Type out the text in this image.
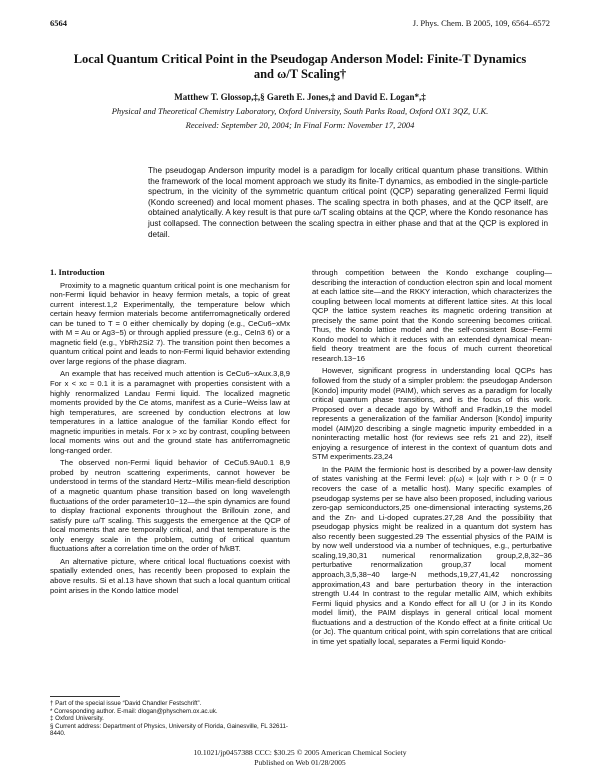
6564	J. Phys. Chem. B 2005, 109, 6564–6572
Local Quantum Critical Point in the Pseudogap Anderson Model: Finite-T Dynamics and ω/T Scaling†
Matthew T. Glossop,‡,§ Gareth E. Jones,‡ and David E. Logan*,‡
Physical and Theoretical Chemistry Laboratory, Oxford University, South Parks Road, Oxford OX1 3QZ, U.K.
Received: September 20, 2004; In Final Form: November 17, 2004
The pseudogap Anderson impurity model is a paradigm for locally critical quantum phase transitions. Within the framework of the local moment approach we study its finite-T dynamics, as embodied in the single-particle spectrum, in the vicinity of the symmetric quantum critical point (QCP) separating generalized Fermi liquid (Kondo screened) and local moment phases. The scaling spectra in both phases, and at the QCP itself, are obtained analytically. A key result is that pure ω/T scaling obtains at the QCP, where the Kondo resonance has just collapsed. The connection between the scaling spectra in either phase and that at the QCP is explored in detail.

1. Introduction

Proximity to a magnetic quantum critical point is one mechanism for non-Fermi liquid behavior in heavy fermion metals, a topic of great current interest.1,2 Experimentally, the temperature below which certain heavy fermion materials become antiferromagnetically ordered can be tuned to T = 0 either chemically by doping (e.g., CeCu6−xMx with M = Au or Ag3−5) or through applied pressure (e.g., CeIn3 6) or a magnetic field (e.g., YbRh2Si2 7). The transition point then becomes a quantum critical point and leads to non-Fermi liquid behavior extending over large regions of the phase diagram.

An example that has received much attention is CeCu6−xAux.3,8,9 For x < xc ≈ 0.1 it is a paramagnet with properties consistent with a highly renormalized Landau Fermi liquid. The localized magnetic moments provided by the Ce atoms, manifest as a Curie−Weiss law at high temperatures, are screened by conduction electrons at low temperatures in a lattice analogue of the familiar Kondo effect for magnetic impurities in metals. For x > xc by contrast, coupling between local moments wins out and the ground state has antiferromagnetic long-ranged order.

The observed non-Fermi liquid behavior of CeCu5.9Au0.1 8,9 probed by neutron scattering experiments, cannot however be understood in terms of the standard Hertz−Millis mean-field description of a magnetic quantum phase transition based on long wavelength fluctuations of the order parameter10−12—the spin dynamics are found to display fractional exponents throughout the Brillouin zone, and satisfy pure ω/T scaling. This suggests the emergence at the QCP of local moments that are temporally critical, and that temperature is the only energy scale in the problem, cutting of critical quantum fluctuations after a correlation time on the order of ħ/kBT.

An alternative picture, where critical local fluctuations coexist with spatially extended ones, has recently been proposed to explain the above results. Si et al.13 have shown that such a local quantum critical point arises in the Kondo lattice model

through competition between the Kondo exchange coupling—describing the interaction of conduction electron spin and local moment at each lattice site—and the RKKY interaction, which characterizes the coupling between local moments at different lattice sites. At this local QCP the lattice system reaches its magnetic ordering transition at precisely the same point that the Kondo screening becomes critical. Thus, the Kondo lattice model and the self-consistent Bose−Fermi Kondo model to which it reduces with an extended dynamical mean-field theory treatment are the focus of much current theoretical research.13−16

However, significant progress in understanding local QCPs has followed from the study of a simpler problem: the pseudogap Anderson [Kondo] impurity model (PAIM), which serves as a paradigm for locally critical quantum phase transitions, and is the focus of this work. Proposed over a decade ago by Withoff and Fradkin,19 the model represents a generalization of the familiar Anderson [Kondo] impurity model (AIM)20 describing a single magnetic impurity embedded in a noninteracting metallic host (for reviews see refs 21 and 22), itself enjoying a resurgence of interest in the context of quantum dots and STM experiments.23,24

In the PAIM the fermionic host is described by a power-law density of states vanishing at the Fermi level: ρ(ω) ∝ |ω|r with r > 0 (r = 0 recovers the case of a metallic host). Many specific examples of pseudogap systems per se have also been proposed, including various zero-gap semiconductors,25 one-dimensional interacting systems,26 and the Zn- and Li-doped cuprates.27,28 And the possibility that pseudogap physics might be realized in a quantum dot system has also recently been suggested.29 The essential physics of the PAIM is by now well understood via a number of techniques, e.g., perturbative scaling,19,30,31 numerical renormalization group,2,8,32−36 perturbative renormalization group,37 local moment approach,3,5,38−40 large-N methods,19,27,41,42 noncrossing approximation,43 and bare perturbation theory in the interaction strength U.44 In contrast to the regular metallic AIM, which exhibits Fermi liquid physics and a Kondo effect for all U (or J in its Kondo model limit), the PAIM displays in general critical local moment fluctuations and a destruction of the Kondo effect at a finite critical Uc (or Jc). The quantum critical point, with spin correlations that are critical in time yet spatially local, separates a Fermi liquid Kondo-

† Part of the special issue “David Chandler Festschrift”.
* Corresponding author. E-mail: dlogan@physchem.ox.ac.uk.
‡ Oxford University.
§ Current address: Department of Physics, University of Florida, Gainesville, FL 32611-8440.
10.1021/jp0457388 CCC: $30.25 © 2005 American Chemical Society
Published on Web 01/28/2005
